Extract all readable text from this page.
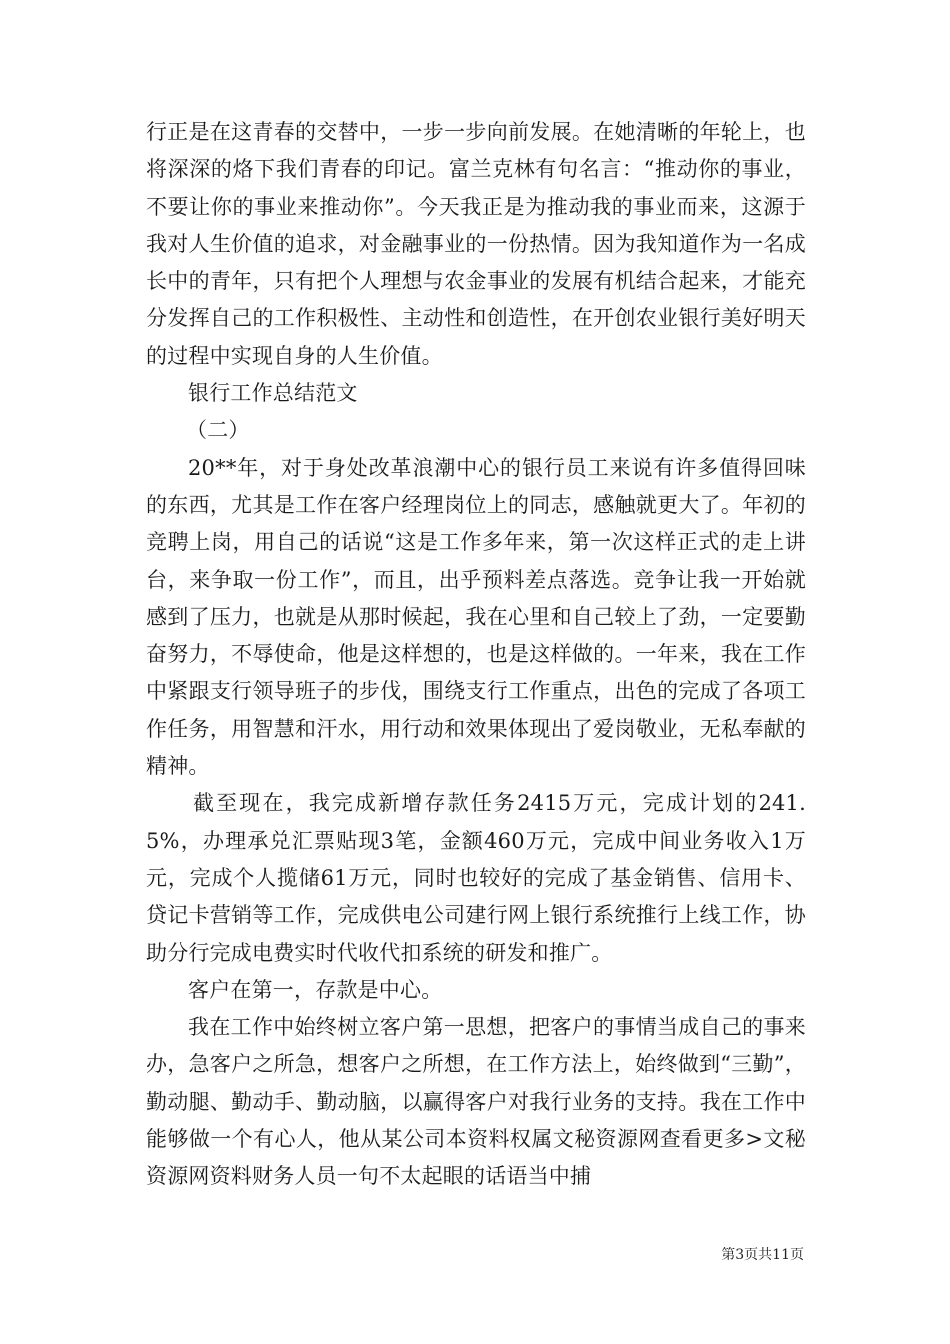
行正是在这青春的交替中，一步一步向前发展。在她清晰的年轮上，也将深深的烙下我们青春的印记。富兰克林有句名言：“推动你的事业，不要让你的事业来推动你”。今天我正是为推动我的事业而来，这源于我对人生价值的追求，对金融事业的一份热情。因为我知道作为一名成长中的青年，只有把个人理想与农金事业的发展有机结合起来，才能充分发挥自己的工作积极性、主动性和创造性，在开创农业银行美好明天的过程中实现自身的人生价值。

银行工作总结范文

（二）

20**年，对于身处改革浪潮中心的银行员工来说有许多值得回味的东西，尤其是工作在客户经理岗位上的同志，感触就更大了。年初的竞聘上岗，用自己的话说“这是工作多年来，第一次这样正式的走上讲台，来争取一份工作”，而且，出乎预料差点落选。竞争让我一开始就感到了压力，也就是从那时候起，我在心里和自己较上了劲，一定要勤奋努力，不辱使命，他是这样想的，也是这样做的。一年来，我在工作中紧跟支行领导班子的步伐，围绕支行工作重点，出色的完成了各项工作任务，用智慧和汗水，用行动和效果体现出了爱岗敬业，无私奉献的精神。

截至现在，我完成新增存款任务2415万元，完成计划的241.5%，办理承兑汇票贴现3笔，金额460万元，完成中间业务收入1万元，完成个人揽储61万元，同时也较好的完成了基金销售、信用卡、贷记卡营销等工作，完成供电公司建行网上银行系统推行上线工作，协助分行完成电费实时代收代扣系统的研发和推广。

客户在第一，存款是中心。

我在工作中始终树立客户第一思想，把客户的事情当成自己的事来办，急客户之所急，想客户之所想，在工作方法上，始终做到“三勤”，勤动腿、勤动手、勤动脑，以赢得客户对我行业务的支持。我在工作中能够做一个有心人，他从某公司本资料权属文秘资源网查看更多>文秘资源网资料财务人员一句不太起眼的话语当中捕

第3页共11页
